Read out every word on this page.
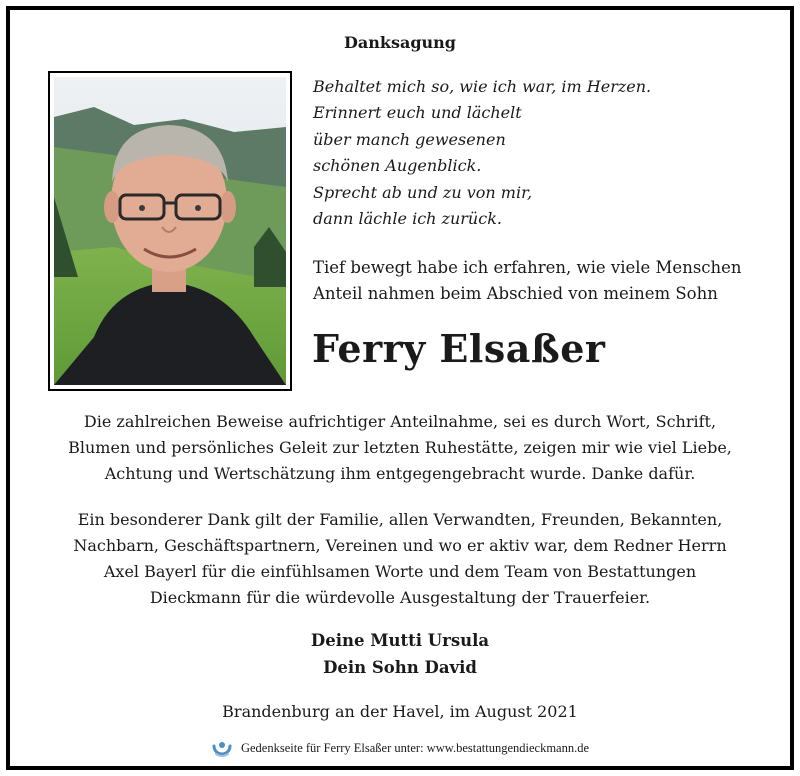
Danksagung
Behaltet mich so, wie ich war, im Herzen.
Erinnert euch und lächelt
über manch gewesenen
schönen Augenblick.
Sprecht ab und zu von mir,
dann lächle ich zurück.
Tief bewegt habe ich erfahren, wie viele Menschen
Anteil nahmen beim Abschied von meinem Sohn
Ferry Elsaßer
Die zahlreichen Beweise aufrichtiger Anteilnahme, sei es durch Wort, Schrift,
Blumen und persönliches Geleit zur letzten Ruhestätte, zeigen mir wie viel Liebe,
Achtung und Wertschätzung ihm entgegengebracht wurde. Danke dafür.
Ein besonderer Dank gilt der Familie, allen Verwandten, Freunden, Bekannten,
Nachbarn, Geschäftspartnern, Vereinen und wo er aktiv war, dem Redner Herrn
Axel Bayerl für die einfühlsamen Worte und dem Team von Bestattungen
Dieckmann für die würdevolle Ausgestaltung der Trauerfeier.
Deine Mutti Ursula
Dein Sohn David
Brandenburg an der Havel, im August 2021
Gedenkseite für Ferry Elsaßer unter: www.bestattungendieckmann.de
